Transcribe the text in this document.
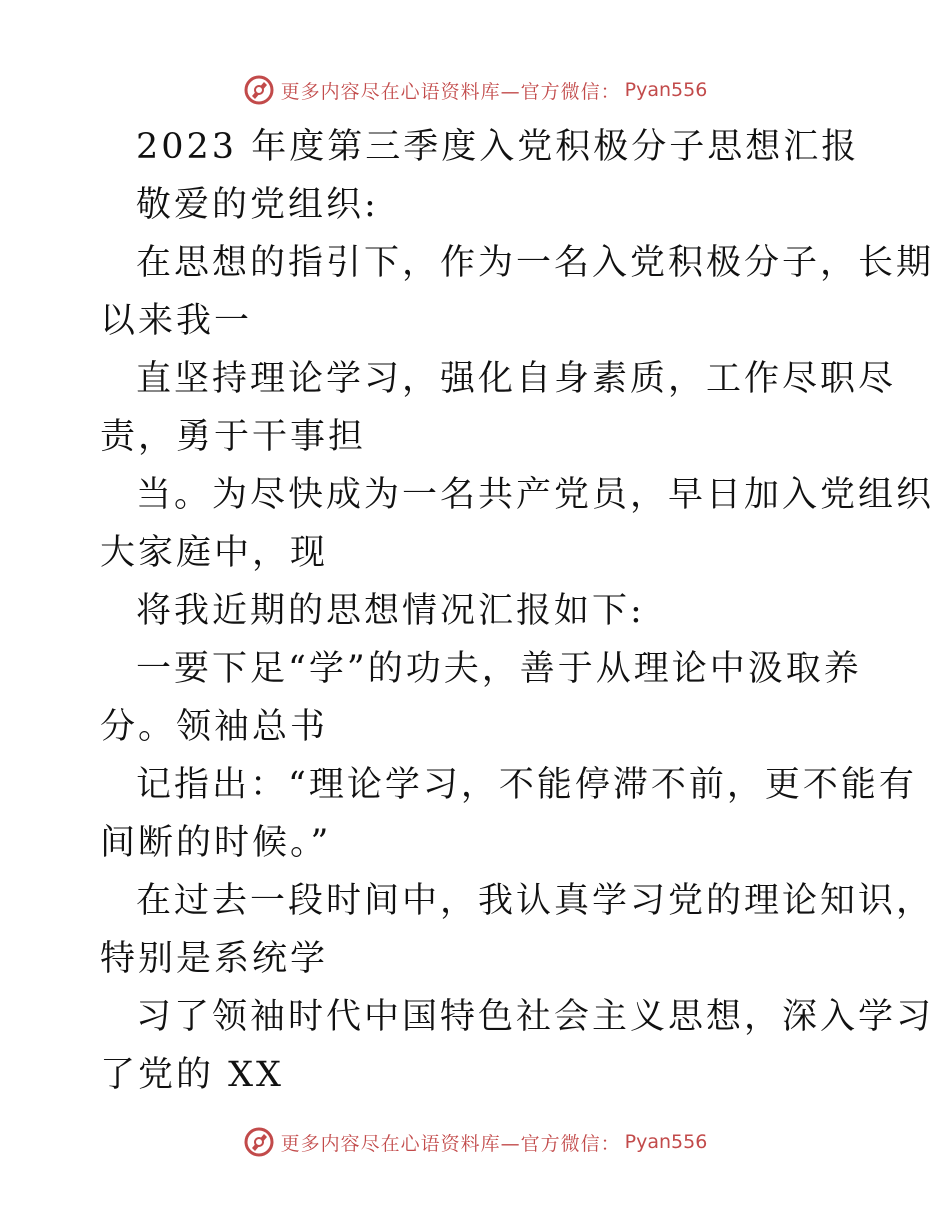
更多内容尽在心语资料库—官方微信： Pyan556
2023 年度第三季度入党积极分子思想汇报
敬爱的党组织:
在思想的指引下，作为一名入党积极分子，长期
以来我一
直坚持理论学习，强化自身素质，工作尽职尽
责，勇于干事担
当。为尽快成为一名共产党员，早日加入党组织
大家庭中，现
将我近期的思想情况汇报如下:
一要下足“学”的功夫，善于从理论中汲取养
分。领袖总书
记指出：“理论学习，不能停滞不前，更不能有
间断的时候。”
在过去一段时间中，我认真学习党的理论知识，
特别是系统学
习了领袖时代中国特色社会主义思想，深入学习
了党的 XX
更多内容尽在心语资料库—官方微信： Pyan556
